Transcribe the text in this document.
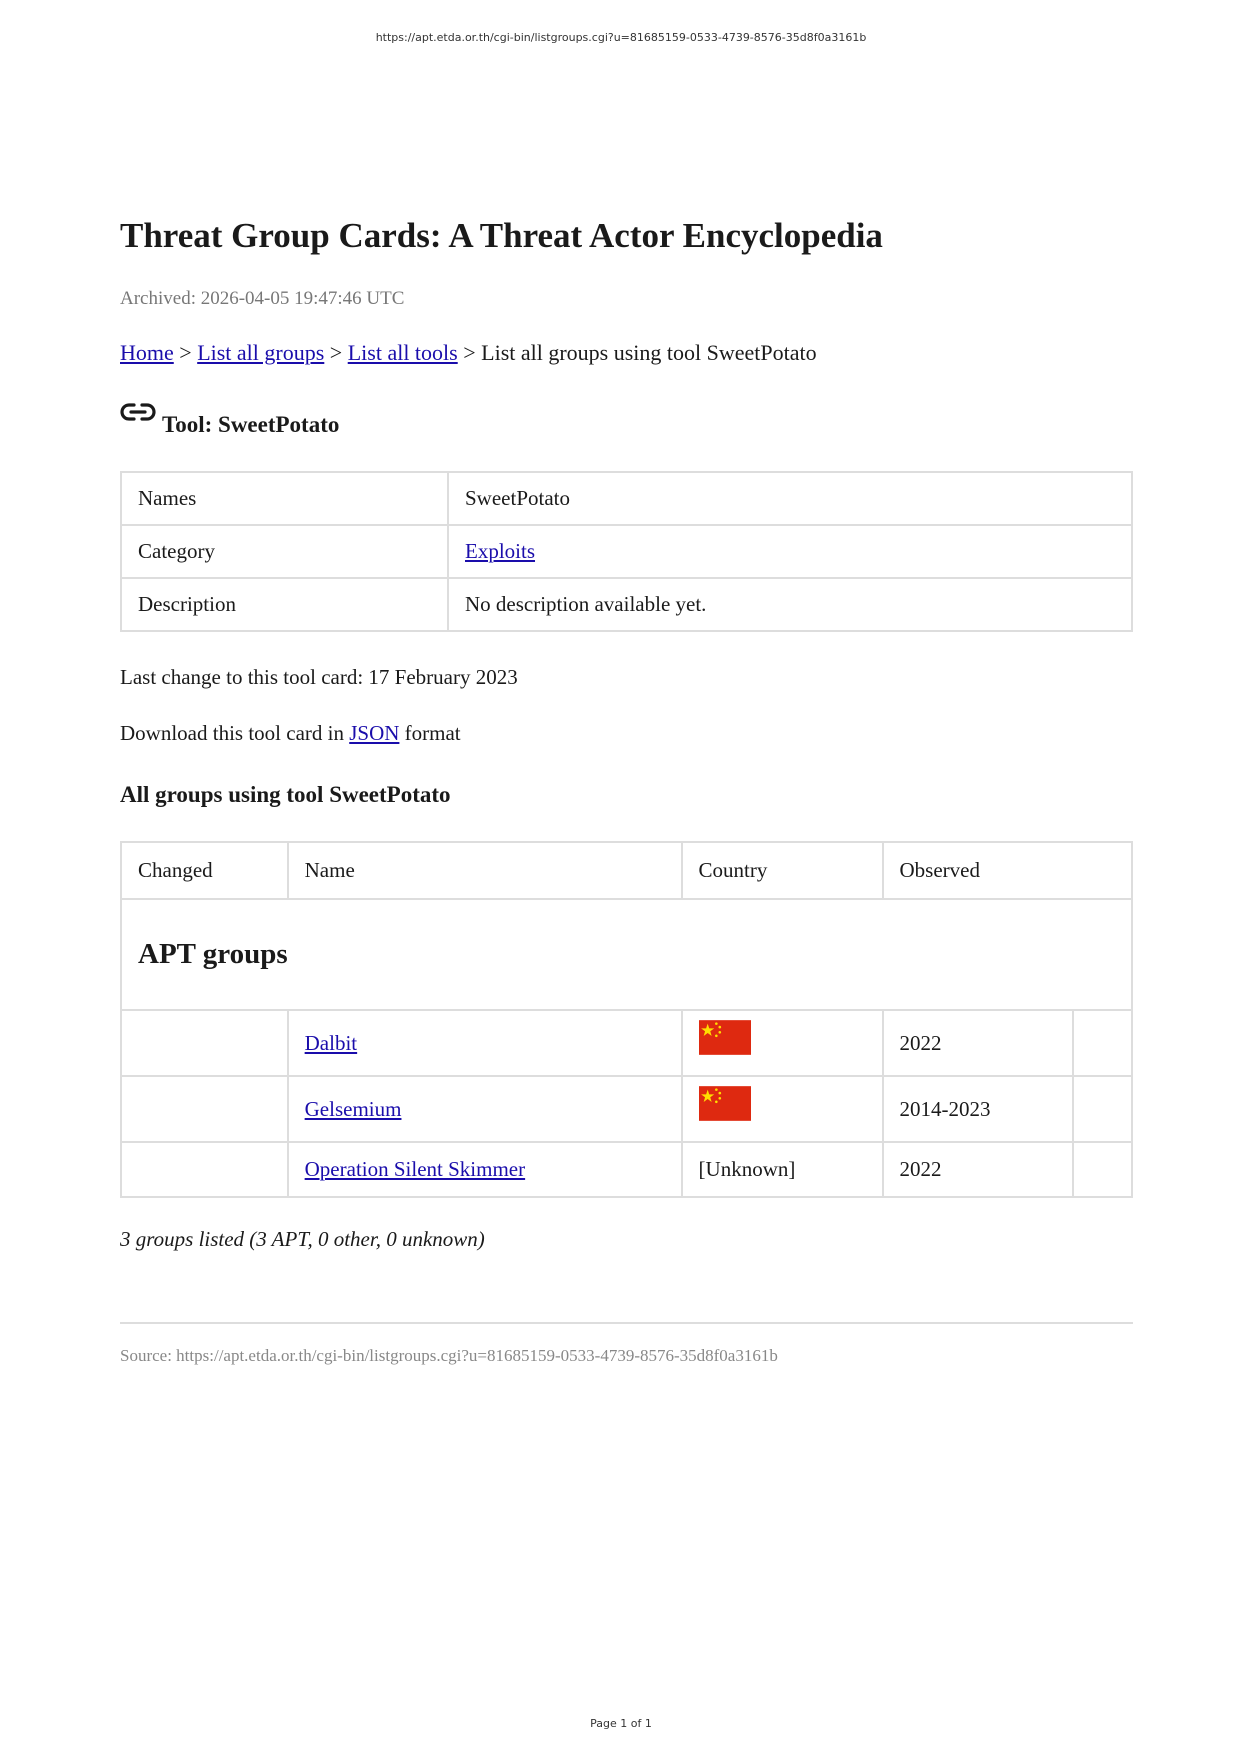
https://apt.etda.or.th/cgi-bin/listgroups.cgi?u=81685159-0533-4739-8576-35d8f0a3161b
Threat Group Cards: A Threat Actor Encyclopedia
Archived: 2026-04-05 19:47:46 UTC
Home > List all groups > List all tools > List all groups using tool SweetPotato
Tool: SweetPotato
Names	SweetPotato
Category	Exploits
Description	No description available yet.
Last change to this tool card: 17 February 2023
Download this tool card in JSON format
All groups using tool SweetPotato
Changed	Name	Country	Observed	
APT groups				
	Dalbit		2022	
	Gelsemium		2014-2023	
	Operation Silent Skimmer	[Unknown]	2022	
3 groups listed (3 APT, 0 other, 0 unknown)
Source: https://apt.etda.or.th/cgi-bin/listgroups.cgi?u=81685159-0533-4739-8576-35d8f0a3161b
Page 1 of 1
